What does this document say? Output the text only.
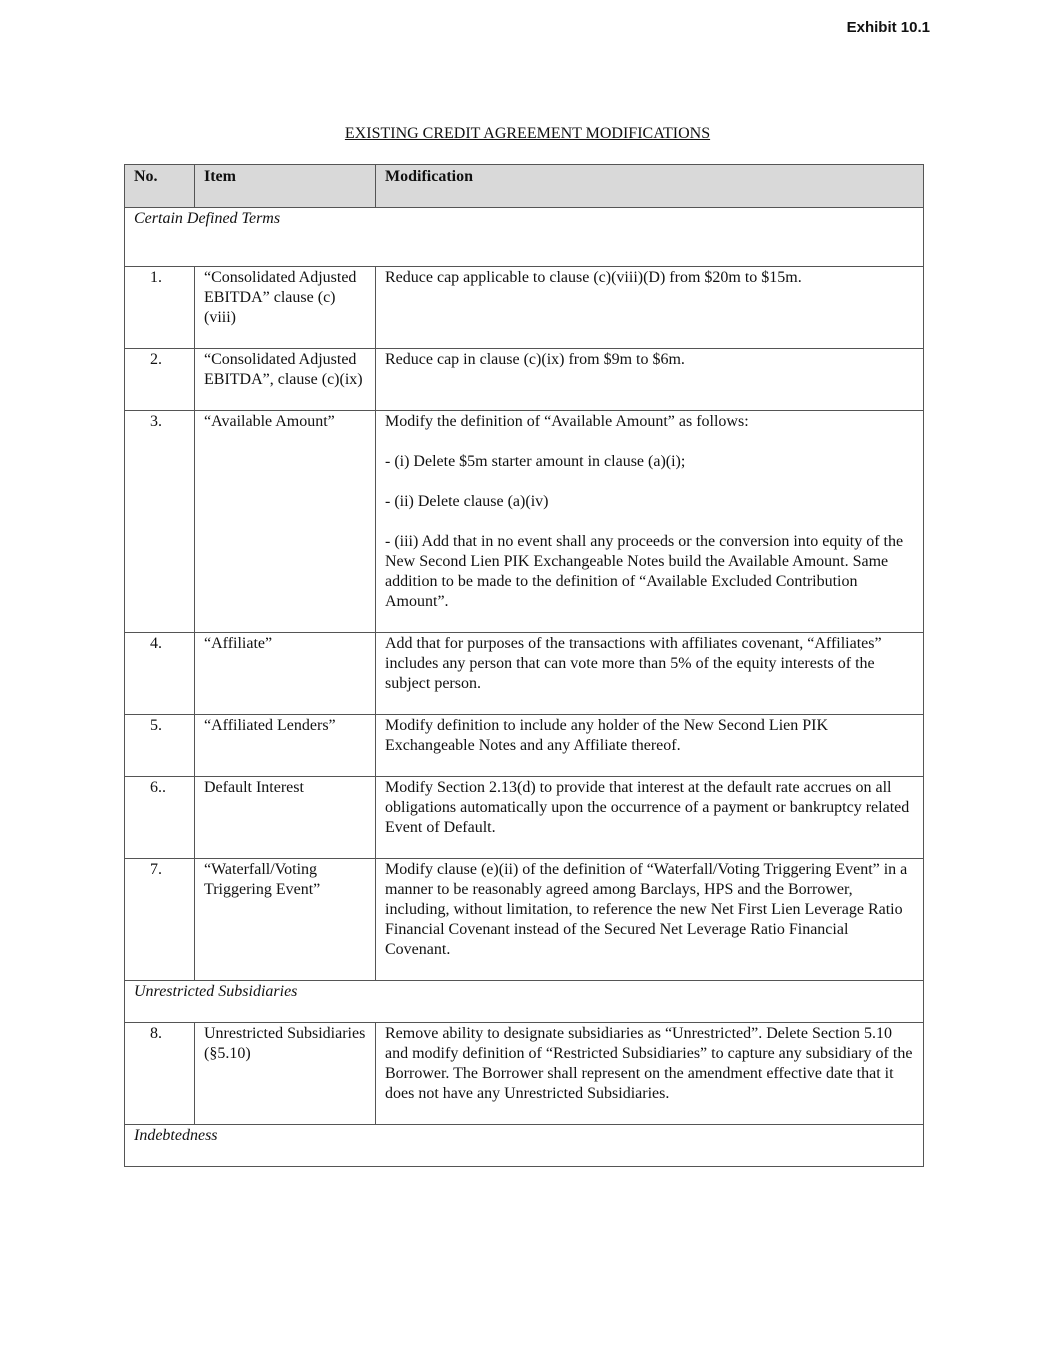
Exhibit 10.1
EXISTING CREDIT AGREEMENT MODIFICATIONS
No.	Item	Modification
Certain Defined Terms		
1.	“Consolidated Adjusted EBITDA” clause (c)(viii)	Reduce cap applicable to clause (c)(viii)(D) from $20m to $15m.

2.	“Consolidated Adjusted EBITDA”, clause (c)(ix)	Reduce cap in clause (c)(ix) from $9m to $6m.

3.	“Available Amount”	Modify the definition of “Available Amount” as follows:

- (i) Delete $5m starter amount in clause (a)(i);

- (ii) Delete clause (a)(iv)

- (iii) Add that in no event shall any proceeds or the conversion into equity of the New Second Lien PIK Exchangeable Notes build the Available Amount. Same addition to be made to the definition of “Available Excluded Contribution Amount”.

4.	“Affiliate”	Add that for purposes of the transactions with affiliates covenant, “Affiliates” includes any person that can vote more than 5% of the equity interests of the subject person.

5.	“Affiliated Lenders”	Modify definition to include any holder of the New Second Lien PIK Exchangeable Notes and any Affiliate thereof.

6..	Default Interest	Modify Section 2.13(d) to provide that interest at the default rate accrues on all obligations automatically upon the occurrence of a payment or bankruptcy related Event of Default.

7.	“Waterfall/Voting Triggering Event”	Modify clause (e)(ii) of the definition of “Waterfall/Voting Triggering Event” in a manner to be reasonably agreed among Barclays, HPS and the Borrower, including, without limitation, to reference the new Net First Lien Leverage Ratio Financial Covenant instead of the Secured Net Leverage Ratio Financial Covenant.

Unrestricted Subsidiaries		
8.	Unrestricted Subsidiaries (§5.10)	Remove ability to designate subsidiaries as “Unrestricted”. Delete Section 5.10 and modify definition of “Restricted Subsidiaries” to capture any subsidiary of the Borrower. The Borrower shall represent on the amendment effective date that it does not have any Unrestricted Subsidiaries.

Indebtedness		
